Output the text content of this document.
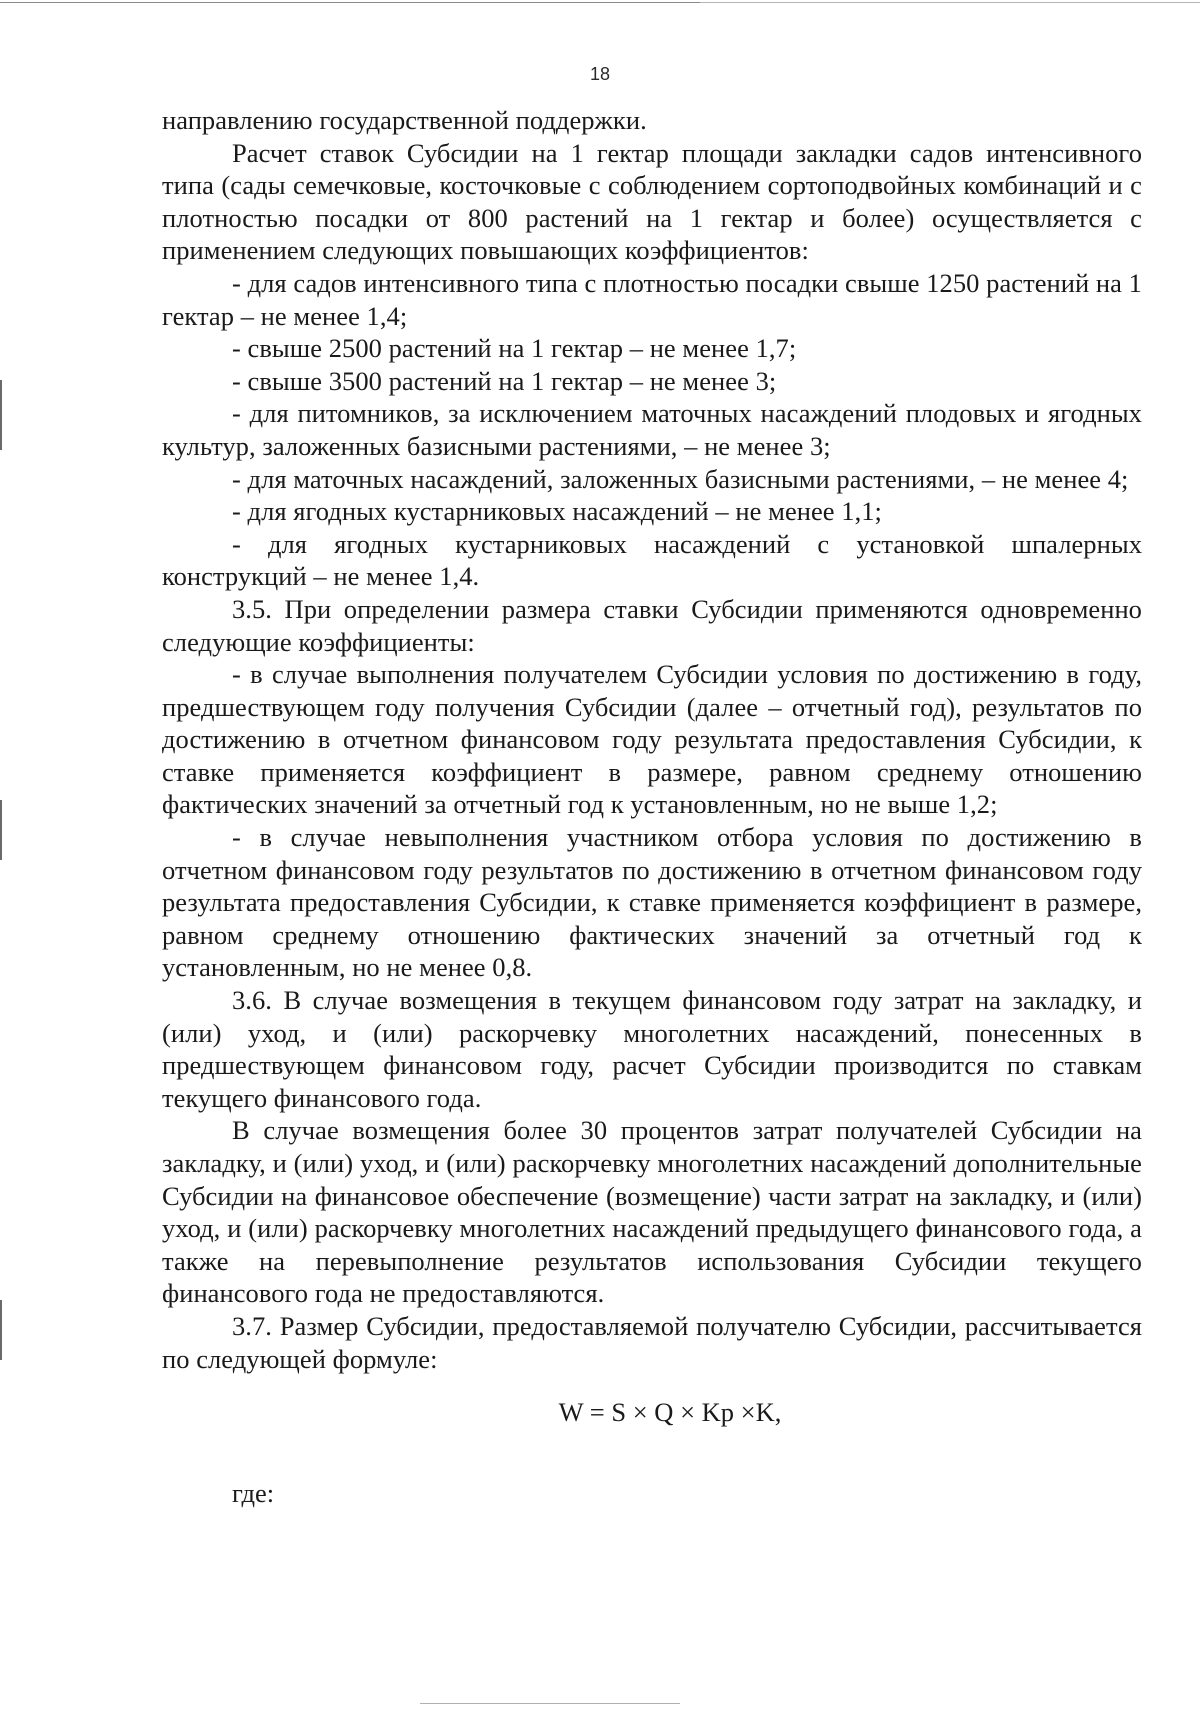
18

направлению государственной поддержки.

Расчет ставок Субсидии на 1 гектар площади закладки садов интенсивного типа (сады семечковые, косточковые с соблюдением сортоподвойных комбинаций и с плотностью посадки от 800 растений на 1 гектар и более) осуществляется с применением следующих повышающих коэффициентов:

- для садов интенсивного типа с плотностью посадки свыше 1250 растений на 1 гектар – не менее 1,4;

- свыше 2500 растений на 1 гектар – не менее 1,7;

- свыше 3500 растений на 1 гектар – не менее 3;

- для питомников, за исключением маточных насаждений плодовых и ягодных культур, заложенных базисными растениями, – не менее 3;

- для маточных насаждений, заложенных базисными растениями, – не менее 4;

- для ягодных кустарниковых насаждений – не менее 1,1;

- для ягодных кустарниковых насаждений с установкой шпалерных конструкций – не менее 1,4.

3.5. При определении размера ставки Субсидии применяются одновременно следующие коэффициенты:

- в случае выполнения получателем Субсидии условия по достижению в году, предшествующем году получения Субсидии (далее – отчетный год), результатов по достижению в отчетном финансовом году результата предоставления Субсидии, к ставке применяется коэффициент в размере, равном среднему отношению фактических значений за отчетный год к установленным, но не выше 1,2;

- в случае невыполнения участником отбора условия по достижению в отчетном финансовом году результатов по достижению в отчетном финансовом году результата предоставления Субсидии, к ставке применяется коэффициент в размере, равном среднему отношению фактических значений за отчетный год к установленным, но не менее 0,8.

3.6. В случае возмещения в текущем финансовом году затрат на закладку, и (или) уход, и (или) раскорчевку многолетних насаждений, понесенных в предшествующем финансовом году, расчет Субсидии производится по ставкам текущего финансового года.

В случае возмещения более 30 процентов затрат получателей Субсидии на закладку, и (или) уход, и (или) раскорчевку многолетних насаждений дополнительные Субсидии на финансовое обеспечение (возмещение) части затрат на закладку, и (или) уход, и (или) раскорчевку многолетних насаждений предыдущего финансового года, а также на перевыполнение результатов использования Субсидии текущего финансового года не предоставляются.

3.7. Размер Субсидии, предоставляемой получателю Субсидии, рассчитывается по следующей формуле:

W = S × Q × Kp ×K,
где:
